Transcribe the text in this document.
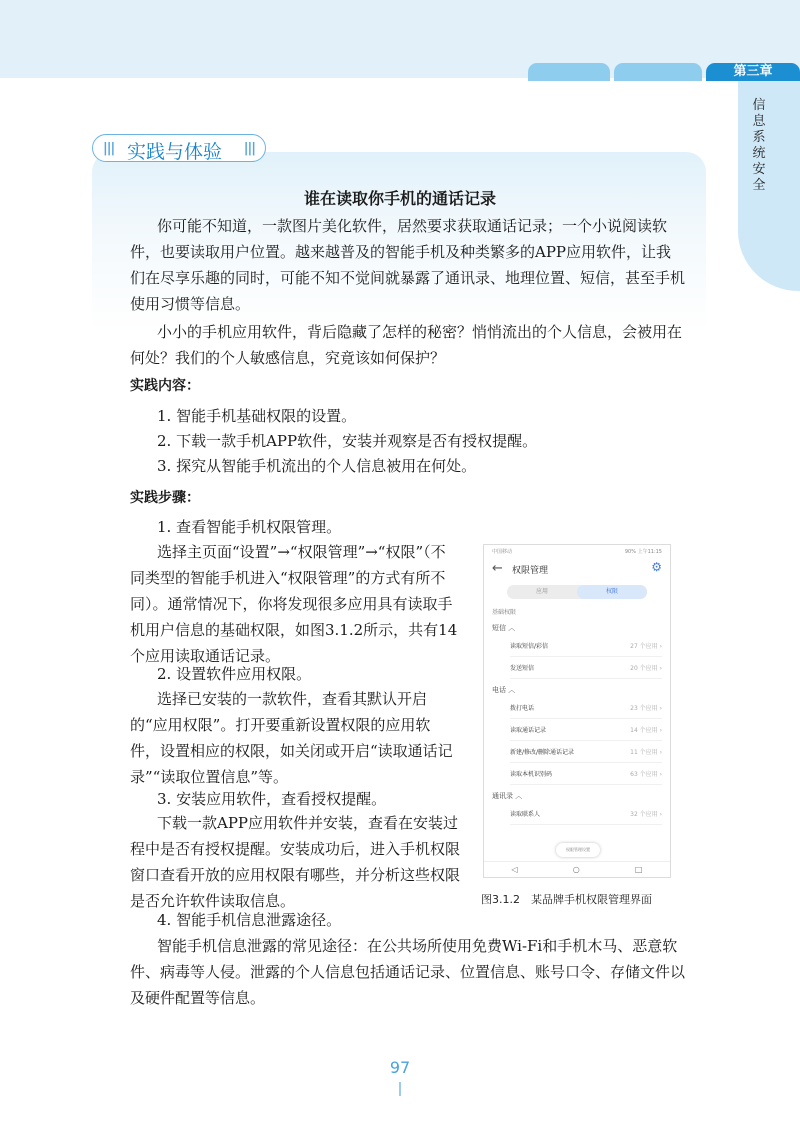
第三章
信息系统安全
||| 实践与体验 |||
谁在读取你手机的通话记录

你可能不知道，一款图片美化软件，居然要求获取通话记录；一个小说阅读软件，也要读取用户位置。越来越普及的智能手机及种类繁多的APP应用软件，让我们在尽享乐趣的同时，可能不知不觉间就暴露了通讯录、地理位置、短信，甚至手机使用习惯等信息。

小小的手机应用软件，背后隐藏了怎样的秘密？悄悄流出的个人信息，会被用在何处？我们的个人敏感信息，究竟该如何保护？

实践内容：

1. 智能手机基础权限的设置。

2. 下载一款手机APP软件，安装并观察是否有授权提醒。

3. 探究从智能手机流出的个人信息被用在何处。

实践步骤：

1. 查看智能手机权限管理。

选择主页面“设置”→“权限管理”→“权限”（不同类型的智能手机进入“权限管理”的方式有所不同）。通常情况下，你将发现很多应用具有读取手机用户信息的基础权限，如图3.1.2所示，共有14个应用读取通话记录。

2. 设置软件应用权限。

选择已安装的一款软件，查看其默认开启的“应用权限”。打开要重新设置权限的应用软件，设置相应的权限，如关闭或开启“读取通话记录”“读取位置信息”等。

3. 安装应用软件，查看授权提醒。

下载一款APP应用软件并安装，查看在安装过程中是否有授权提醒。安装成功后，进入手机权限窗口查看开放的应用权限有哪些，并分析这些权限是否允许软件读取信息。

4. 智能手机信息泄露途径。

智能手机信息泄露的常见途径：在公共场所使用免费Wi-Fi和手机木马、恶意软件、病毒等人侵。泄露的个人信息包括通话记录、位置信息、账号口令、存储文件以及硬件配置等信息。

中国移动	90% 上午11:15
← 权限管理	⚙
应用	权限
基础权限
短信 ︿
读取短信/彩信	27 个应用 ›
发送短信	20 个应用 ›
电话 ︿
拨打电话	23 个应用 ›
读取通话记录	14 个应用 ›
新建/修改/删除通话记录	11 个应用 ›
读取本机识别码	63 个应用 ›
通讯录 ︿
读取联系人	32 个应用 ›
权限管理设置
◁	○	□
图3.1.2　某品牌手机权限管理界面
97
